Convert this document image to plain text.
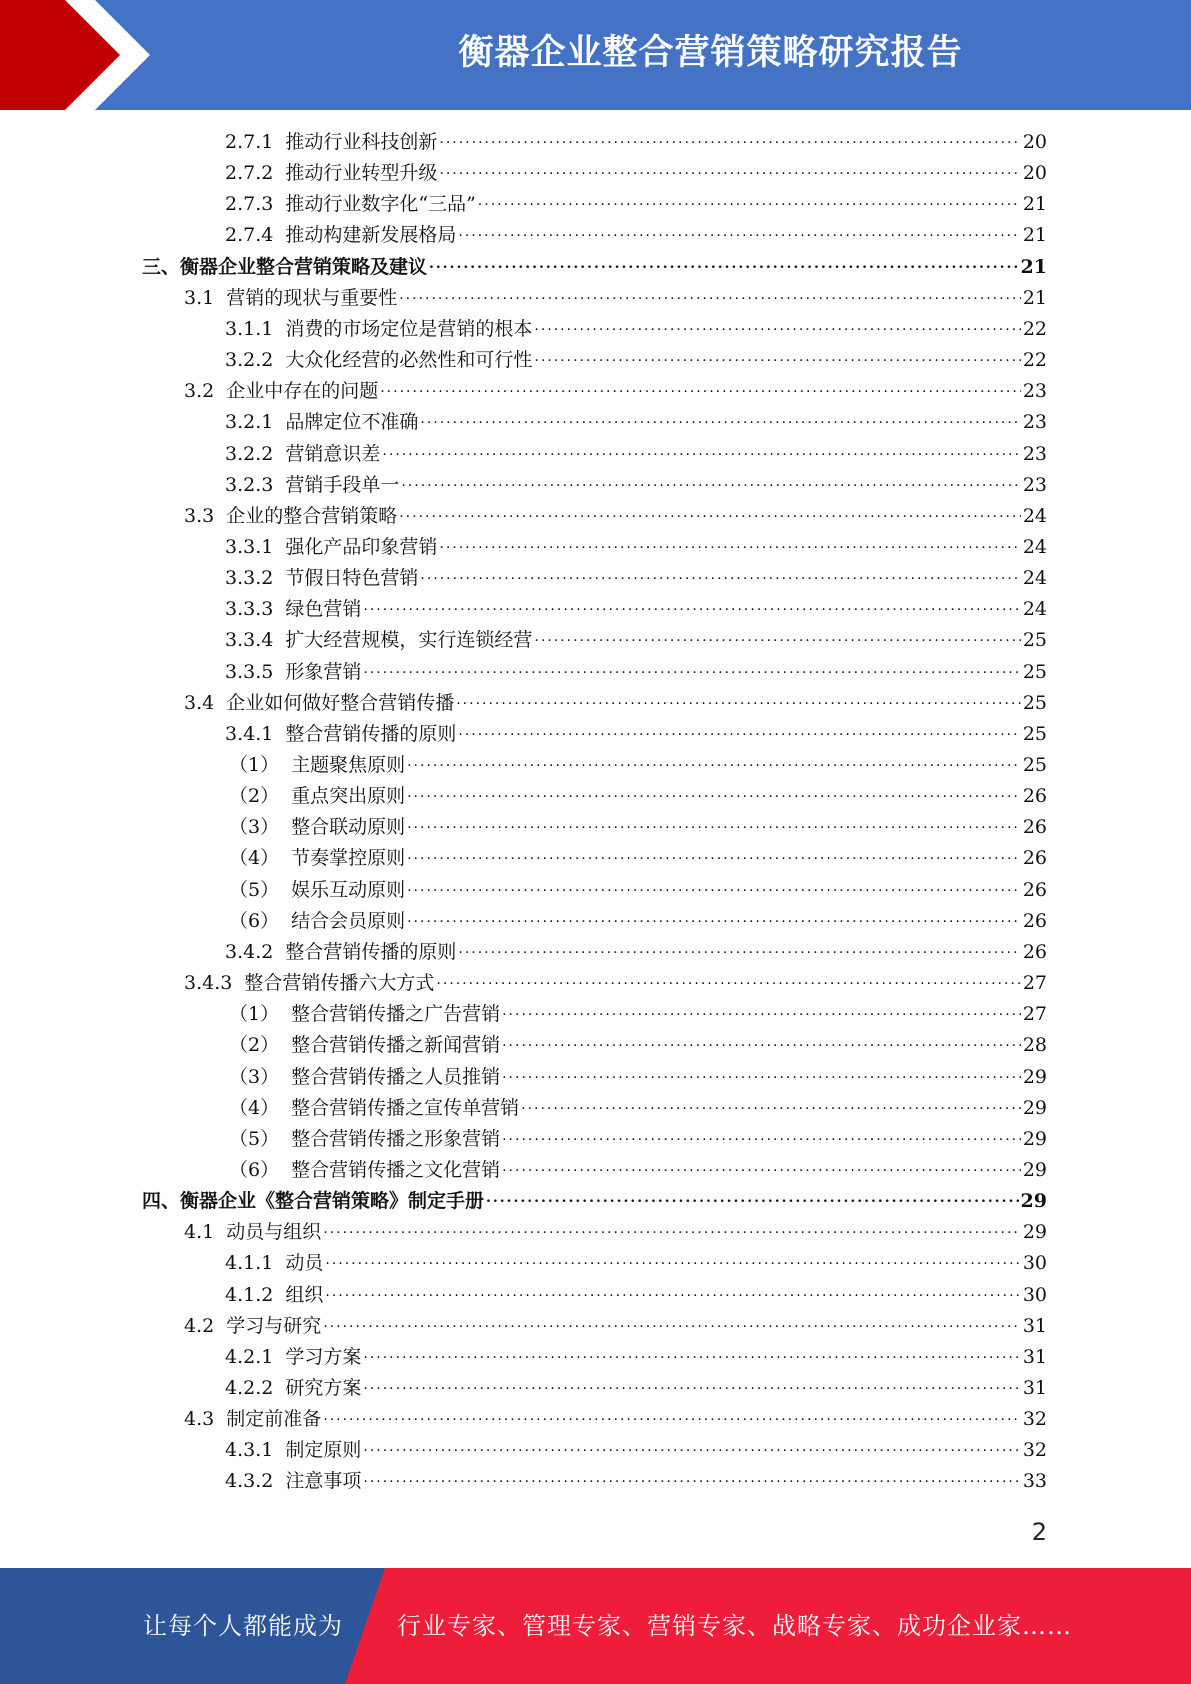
衡器企业整合营销策略研究报告
2.7.1 推动行业科技创新 .....	20
2.7.2 推动行业转型升级 .....	20
2.7.3 推动行业数字化“三品” .....	21
2.7.4 推动构建新发展格局 .....	21
三、 衡器企业整合营销策略及建议 .....	21
3.1 营销的现状与重要性 .....	21
3.1.1 消费的市场定位是营销的根本 .....	22
3.2.2 大众化经营的必然性和可行性 .....	22
3.2 企业中存在的问题 .....	23
3.2.1 品牌定位不准确 .....	23
3.2.2 营销意识差 .....	23
3.2.3 营销手段单一 .....	23
3.3 企业的整合营销策略 .....	24
3.3.1 强化产品印象营销 .....	24
3.3.2 节假日特色营销 .....	24
3.3.3 绿色营销 .....	24
3.3.4 扩大经营规模，实行连锁经营 .....	25
3.3.5 形象营销 .....	25
3.4 企业如何做好整合营销传播 .....	25
3.4.1 整合营销传播的原则 .....	25
（1） 主题聚焦原则 .....	25
（2） 重点突出原则 .....	26
（3） 整合联动原则 .....	26
（4） 节奏掌控原则 .....	26
（5） 娱乐互动原则 .....	26
（6） 结合会员原则 .....	26
3.4.2 整合营销传播的原则 .....	26
3.4.3 整合营销传播六大方式 .....	27
（1） 整合营销传播之广告营销 .....	27
（2） 整合营销传播之新闻营销 .....	28
（3） 整合营销传播之人员推销 .....	29
（4） 整合营销传播之宣传单营销 .....	29
（5） 整合营销传播之形象营销 .....	29
（6） 整合营销传播之文化营销 .....	29
四、 衡器企业《整合营销策略》制定手册 .....	29
4.1 动员与组织 .....	29
4.1.1 动员 .....	30
4.1.2 组织 .....	30
4.2 学习与研究 .....	31
4.2.1 学习方案 .....	31
4.2.2 研究方案 .....	31
4.3 制定前准备 .....	32
4.3.1 制定原则 .....	32
4.3.2 注意事项 .....	33
2
让每个人都能成为 行业专家、管理专家、营销专家、战略专家、成功企业家……
